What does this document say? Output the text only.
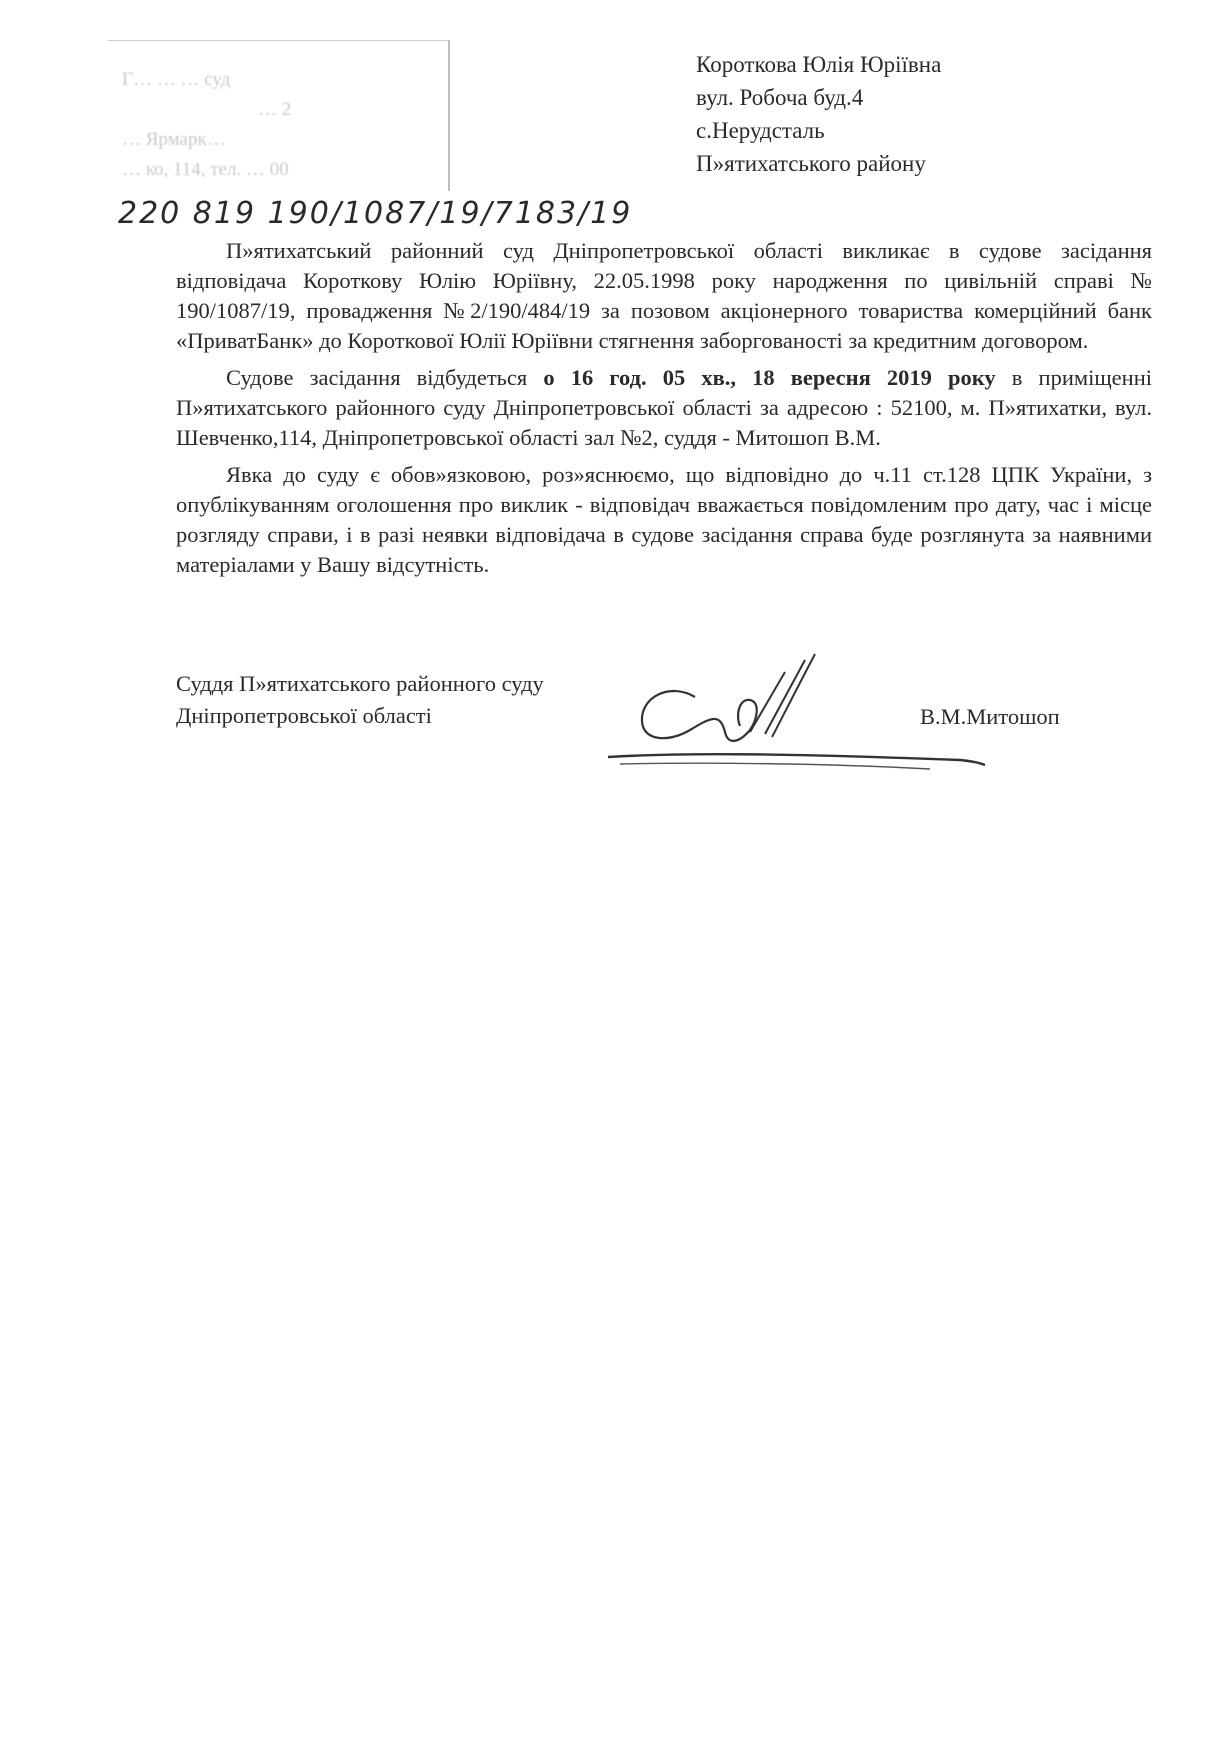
Г… … … суд
… 2
… Ярмарк…
… ко, 114, тел. … 00
220 819 190/1087/19/7183/19
Короткова Юлія Юріївна
вул. Робоча буд.4
с.Нерудсталь
П»ятихатського району

П»ятихатський районний суд Дніпропетровської області викликає в судове засідання відповідача Короткову Юлію Юріївну, 22.05.1998 року народження по цивільній справі № 190/1087/19, провадження №2/190/484/19 за позовом акціонерного товариства комерційний банк «ПриватБанк» до Короткової Юлії Юріївни стягнення заборгованості за кредитним договором.

Судове засідання відбудеться о 16 год. 05 хв., 18 вересня 2019 року в приміщенні П»ятихатського районного суду Дніпропетровської області за адресою : 52100, м. П»ятихатки, вул. Шевченко,114, Дніпропетровської області зал №2, суддя - Митошоп В.М.

Явка до суду є обов»язковою, роз»яснюємо, що відповідно до ч.11 ст.128 ЦПК України, з опублікуванням оголошення про виклик - відповідач вважається повідомленим про дату, час і місце розгляду справи, і в разі неявки відповідача в судове засідання справа буде розглянута за наявними матеріалами у Вашу відсутність.

Суддя П»ятихатського районного суду
Дніпропетровської області	В.М.Митошоп
